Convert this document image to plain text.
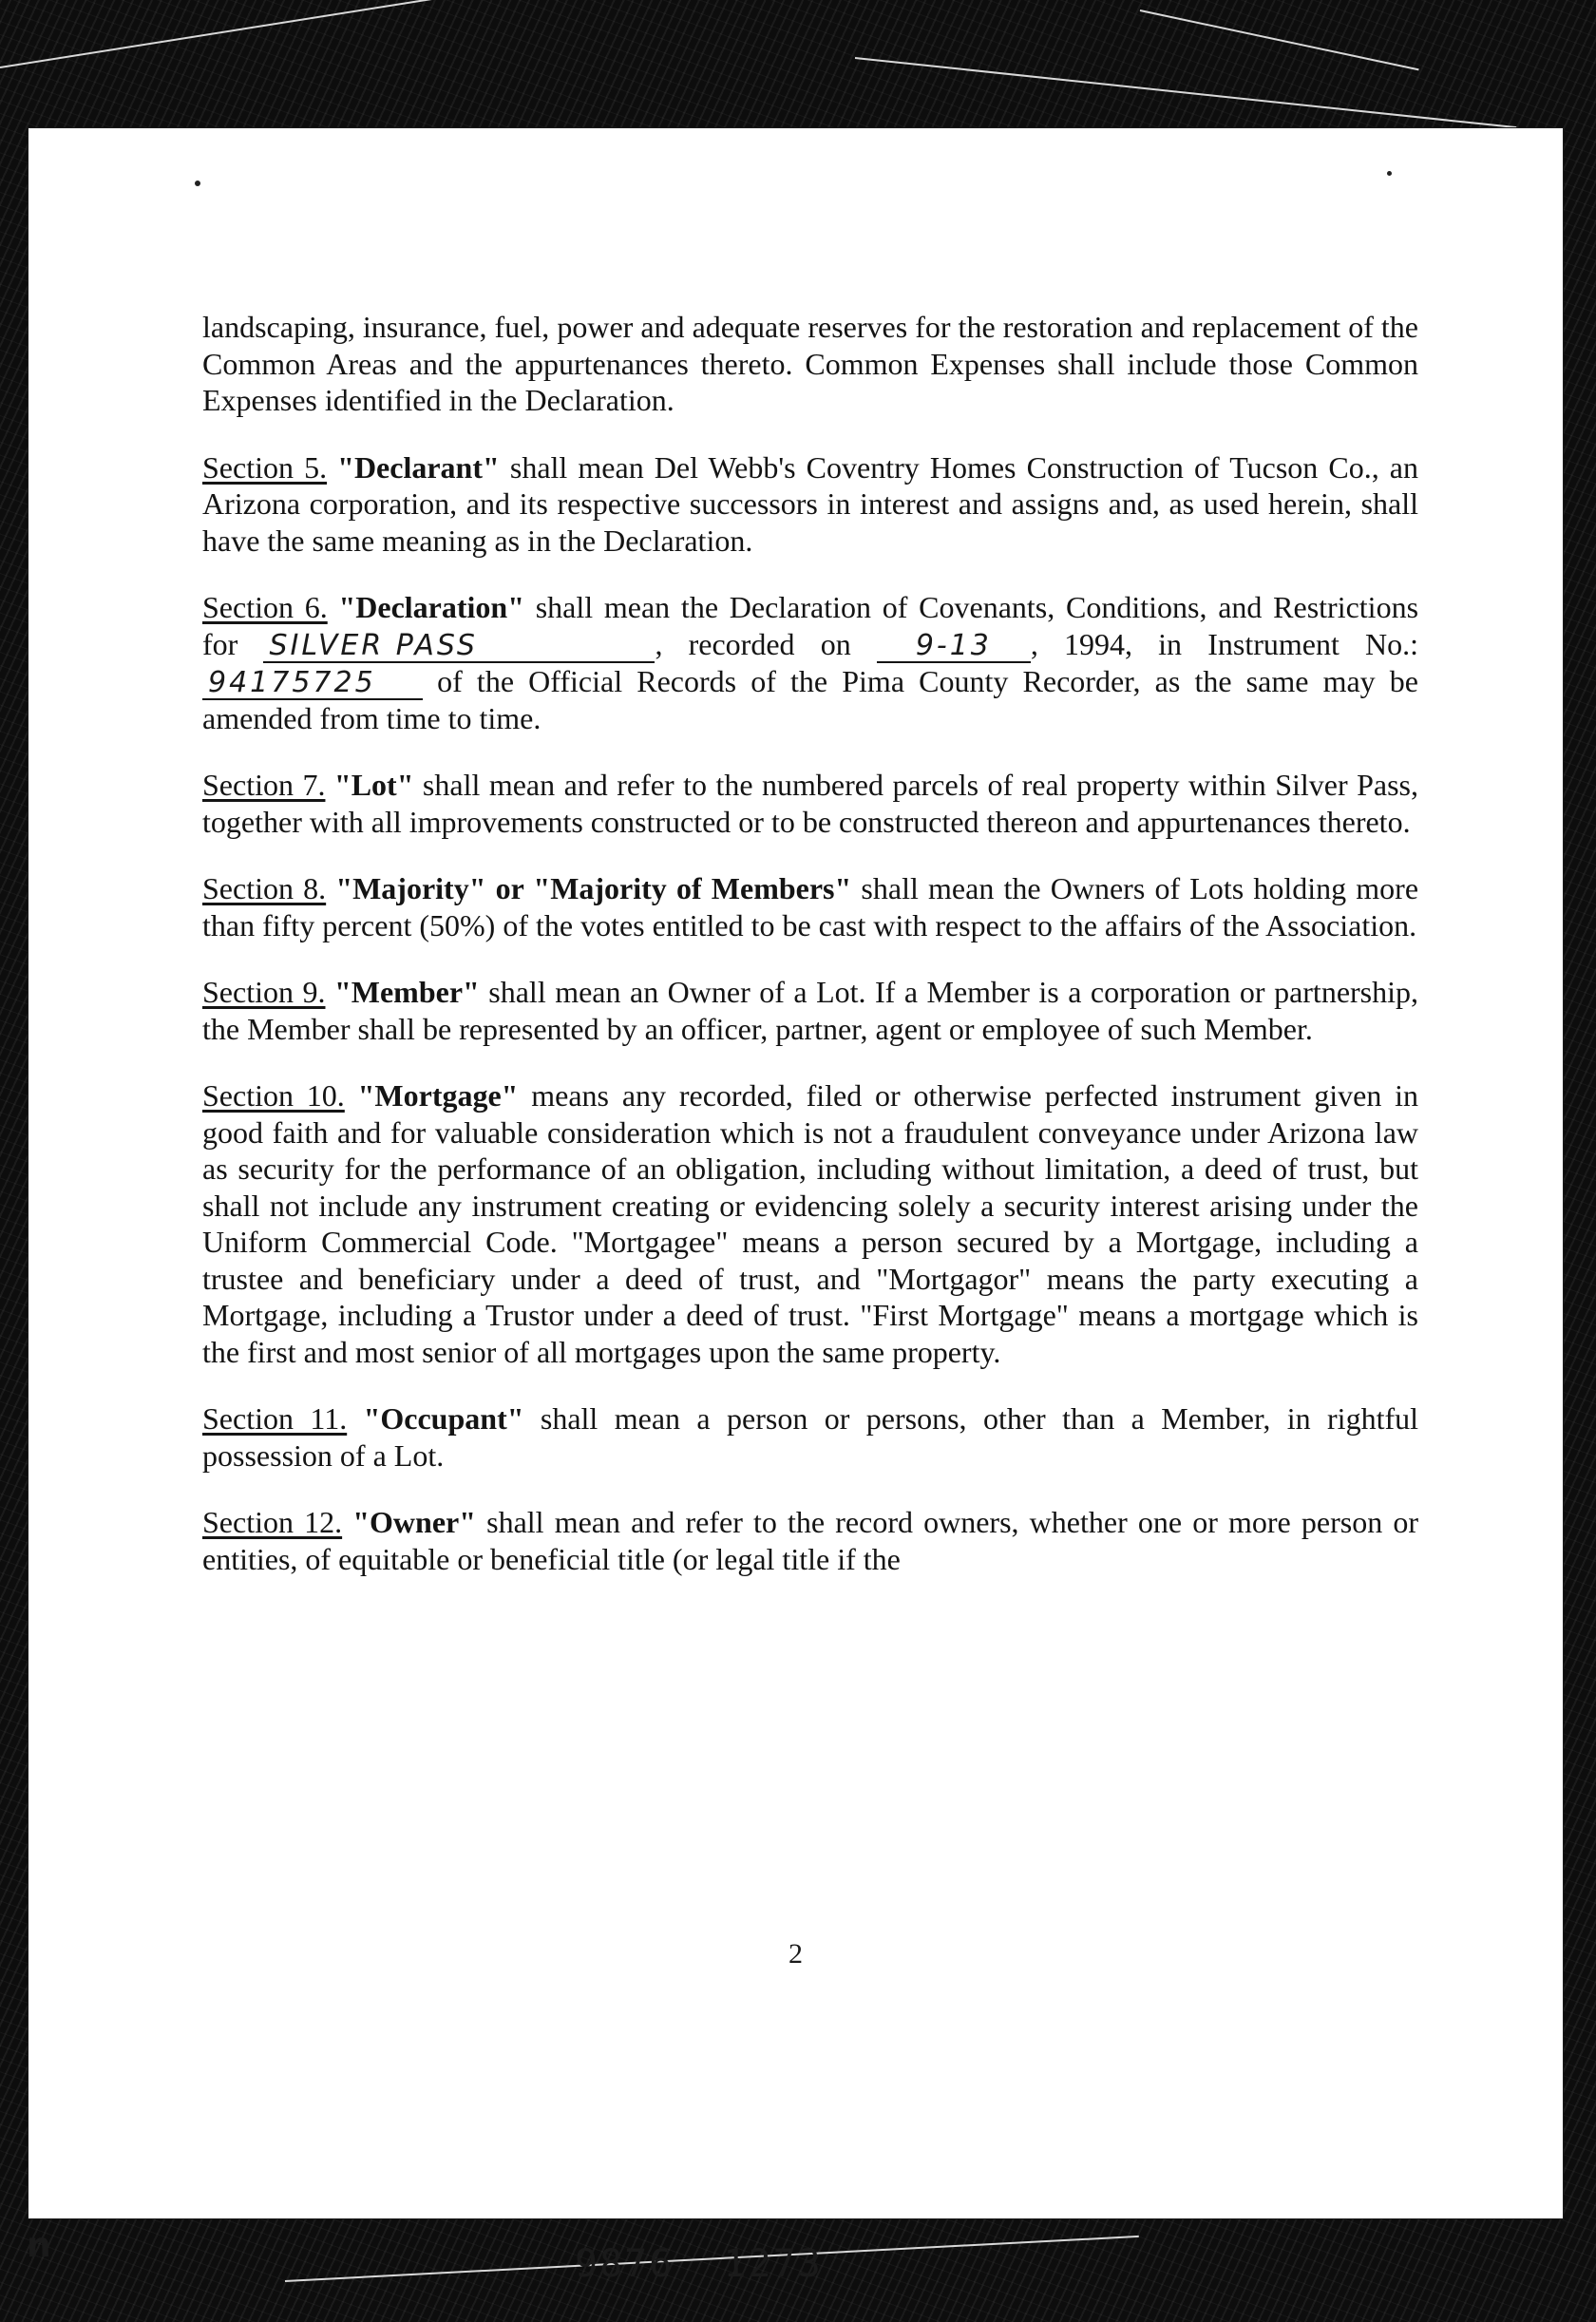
landscaping, insurance, fuel, power and adequate reserves for the restoration and replacement of the Common Areas and the appurtenances thereto. Common Expenses shall include those Common Expenses identified in the Declaration.

Section 5. "Declarant" shall mean Del Webb's Coventry Homes Construction of Tucson Co., an Arizona corporation, and its respective successors in interest and assigns and, as used herein, shall have the same meaning as in the Declaration.

Section 6. "Declaration" shall mean the Declaration of Covenants, Conditions, and Restrictions for SILVER PASS	, recorded on 9-13 , 1994, in Instrument No.: 94175725 of the Official Records of the Pima County Recorder, as the same may be amended from time to time.

Section 7. "Lot" shall mean and refer to the numbered parcels of real property within Silver Pass, together with all improvements constructed or to be constructed thereon and appurtenances thereto.

Section 8. "Majority" or "Majority of Members" shall mean the Owners of Lots holding more than fifty percent (50%) of the votes entitled to be cast with respect to the affairs of the Association.

Section 9. "Member" shall mean an Owner of a Lot. If a Member is a corporation or partnership, the Member shall be represented by an officer, partner, agent or employee of such Member.

Section 10. "Mortgage" means any recorded, filed or otherwise perfected instrument given in good faith and for valuable consideration which is not a fraudulent conveyance under Arizona law as security for the performance of an obligation, including without limitation, a deed of trust, but shall not include any instrument creating or evidencing solely a security interest arising under the Uniform Commercial Code. "Mortgagee" means a person secured by a Mortgage, including a trustee and beneficiary under a deed of trust, and "Mortgagor" means the party executing a Mortgage, including a Trustor under a deed of trust. "First Mortgage" means a mortgage which is the first and most senior of all mortgages upon the same property.

Section 11. "Occupant" shall mean a person or persons, other than a Member, in rightful possession of a Lot.

Section 12. "Owner" shall mean and refer to the record owners, whether one or more person or entities, of equitable or beneficial title (or legal title if the

2
9876 1273
n
